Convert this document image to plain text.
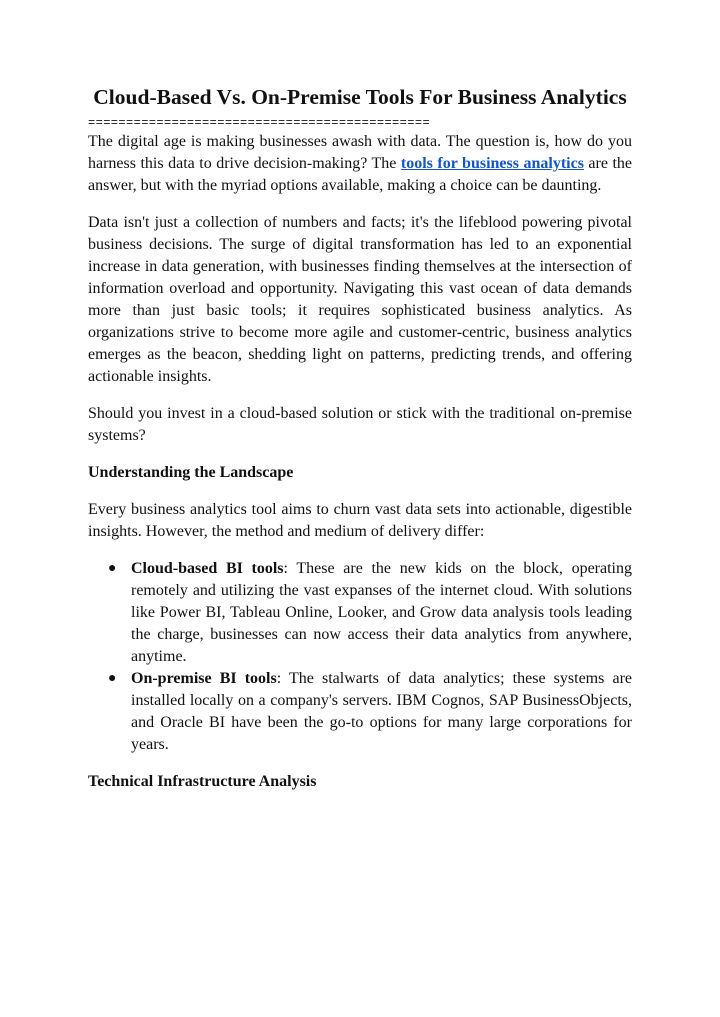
Cloud-Based Vs. On-Premise Tools For Business Analytics
=============================================

The digital age is making businesses awash with data. The question is, how do you harness this data to drive decision-making? The tools for business analytics are the answer, but with the myriad options available, making a choice can be daunting.

Data isn't just a collection of numbers and facts; it's the lifeblood powering pivotal business decisions. The surge of digital transformation has led to an exponential increase in data generation, with businesses finding themselves at the intersection of information overload and opportunity. Navigating this vast ocean of data demands more than just basic tools; it requires sophisticated business analytics. As organizations strive to become more agile and customer-centric, business analytics emerges as the beacon, shedding light on patterns, predicting trends, and offering actionable insights.

Should you invest in a cloud-based solution or stick with the traditional on-premise systems?

Understanding the Landscape

Every business analytics tool aims to churn vast data sets into actionable, digestible insights. However, the method and medium of delivery differ:

● Cloud-based BI tools: These are the new kids on the block, operating remotely and utilizing the vast expanses of the internet cloud. With solutions like Power BI, Tableau Online, Looker, and Grow data analysis tools leading the charge, businesses can now access their data analytics from anywhere, anytime.
● On-premise BI tools: The stalwarts of data analytics; these systems are installed locally on a company's servers. IBM Cognos, SAP BusinessObjects, and Oracle BI have been the go-to options for many large corporations for years.
Technical Infrastructure Analysis
